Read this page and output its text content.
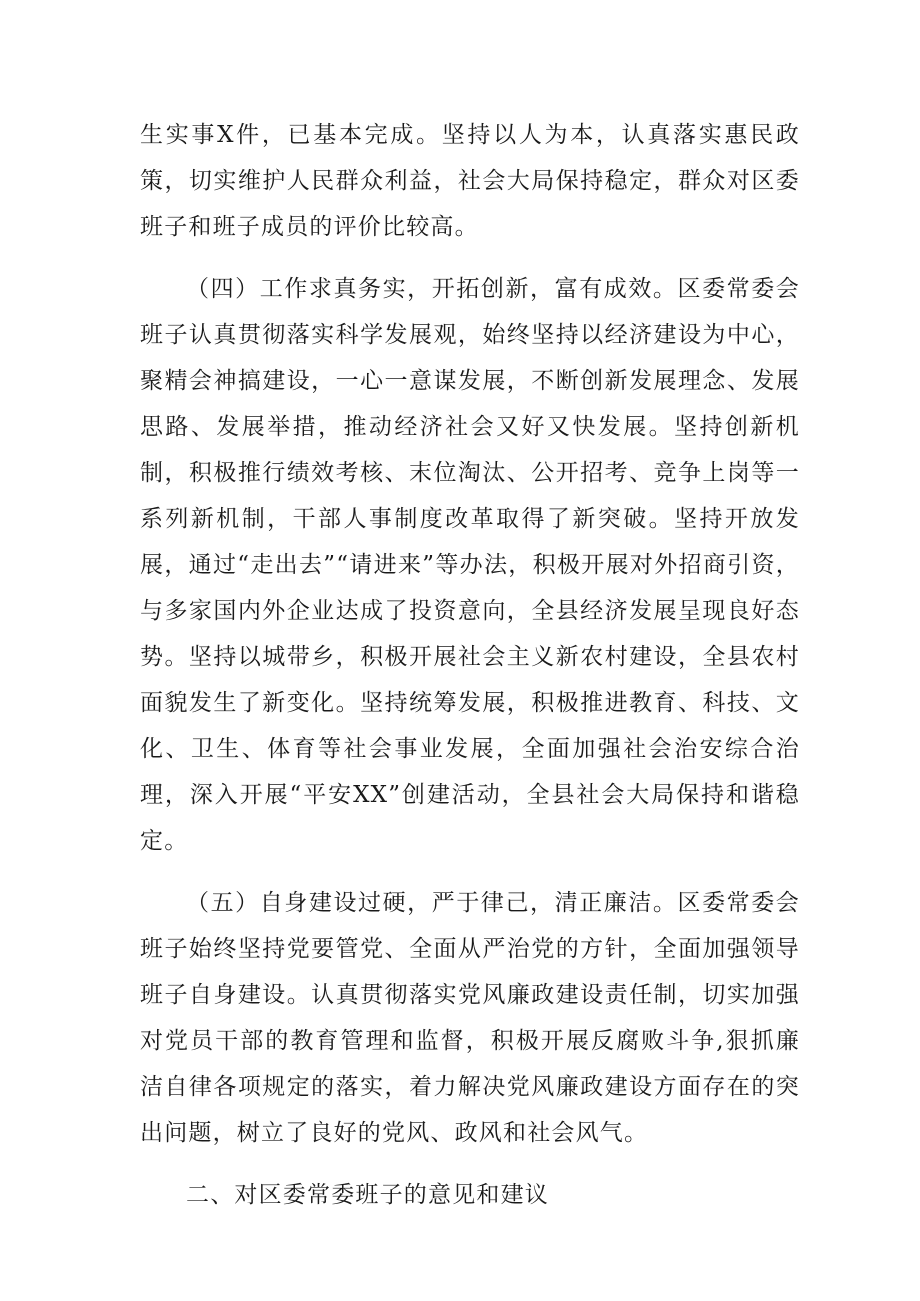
生实事X件，已基本完成。坚持以人为本，认真落实惠民政策，切实维护人民群众利益，社会大局保持稳定，群众对区委班子和班子成员的评价比较高。

（四）工作求真务实，开拓创新，富有成效。区委常委会班子认真贯彻落实科学发展观，始终坚持以经济建设为中心，聚精会神搞建设，一心一意谋发展，不断创新发展理念、发展思路、发展举措，推动经济社会又好又快发展。坚持创新机制，积极推行绩效考核、末位淘汰、公开招考、竞争上岗等一系列新机制，干部人事制度改革取得了新突破。坚持开放发展，通过“走出去”“请进来”等办法，积极开展对外招商引资，与多家国内外企业达成了投资意向，全县经济发展呈现良好态势。坚持以城带乡，积极开展社会主义新农村建设，全县农村面貌发生了新变化。坚持统筹发展，积极推进教育、科技、文化、卫生、体育等社会事业发展，全面加强社会治安综合治理，深入开展“平安XX”创建活动，全县社会大局保持和谐稳定。

（五）自身建设过硬，严于律己，清正廉洁。区委常委会班子始终坚持党要管党、全面从严治党的方针，全面加强领导班子自身建设。认真贯彻落实党风廉政建设责任制，切实加强对党员干部的教育管理和监督，积极开展反腐败斗争,狠抓廉洁自律各项规定的落实，着力解决党风廉政建设方面存在的突出问题，树立了良好的党风、政风和社会风气。

二、对区委常委班子的意见和建议
